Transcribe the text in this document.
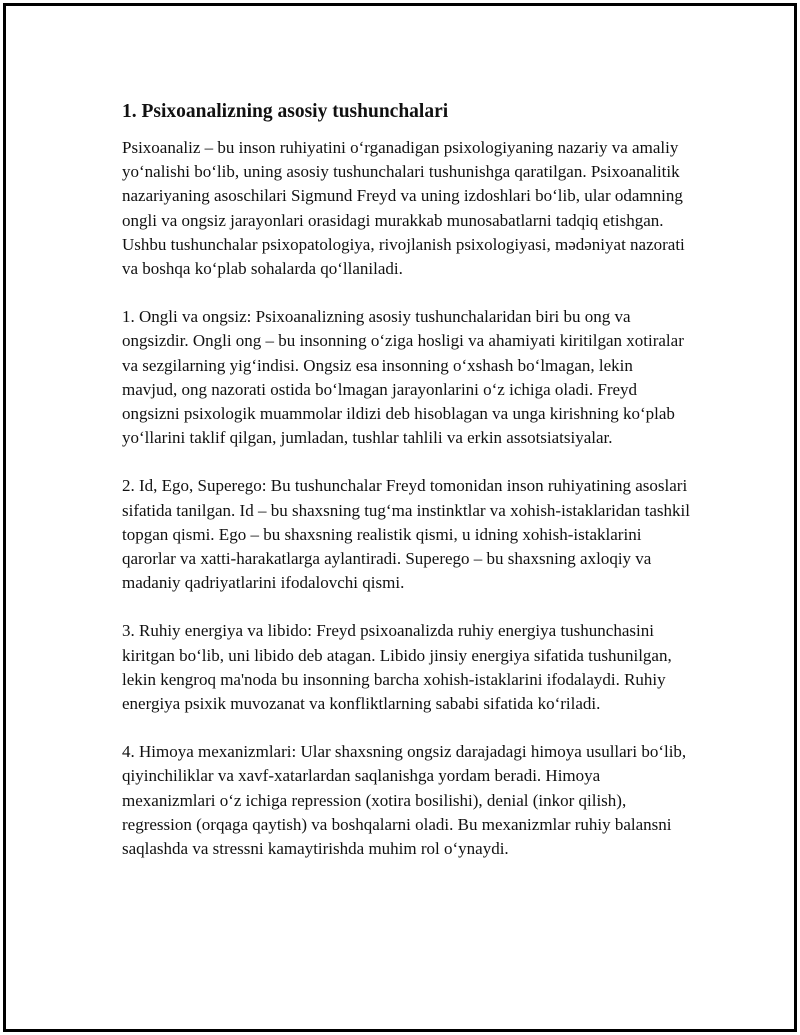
1. Psixoanalizning asosiy tushunchalari

Psixoanaliz – bu inson ruhiyatini oʻrganadigan psixologiyaning nazariy va amaliy yoʻnalishi boʻlib, uning asosiy tushunchalari tushunishga qaratilgan. Psixoanalitik nazariyaning asoschilari Sigmund Freyd va uning izdoshlari boʻlib, ular odamning ongli va ongsiz jarayonlari orasidagi murakkab munosabatlarni tadqiq etishgan. Ushbu tushunchalar psixopatologiya, rivojlanish psixologiyasi, mədəniyat nazorati va boshqa koʻplab sohalarda qoʻllaniladi.

1. Ongli va ongsiz: Psixoanalizning asosiy tushunchalaridan biri bu ong va ongsizdir. Ongli ong – bu insonning oʻziga hosligi va ahamiyati kiritilgan xotiralar va sezgilarning yigʻindisi. Ongsiz esa insonning oʻxshash boʻlmagan, lekin mavjud, ong nazorati ostida boʻlmagan jarayonlarini oʻz ichiga oladi. Freyd ongsizni psixologik muammolar ildizi deb hisoblagan va unga kirishning koʻplab yoʻllarini taklif qilgan, jumladan, tushlar tahlili va erkin assotsiatsiyalar.

2. Id, Ego, Superego: Bu tushunchalar Freyd tomonidan inson ruhiyatining asoslari sifatida tanilgan. Id – bu shaxsning tugʻma instinktlar va xohish-istaklaridan tashkil topgan qismi. Ego – bu shaxsning realistik qismi, u idning xohish-istaklarini qarorlar va xatti-harakatlarga aylantiradi. Superego – bu shaxsning axloqiy va madaniy qadriyatlarini ifodalovchi qismi.

3. Ruhiy energiya va libido: Freyd psixoanalizda ruhiy energiya tushunchasini kiritgan boʻlib, uni libido deb atagan. Libido jinsiy energiya sifatida tushunilgan, lekin kengroq ma'noda bu insonning barcha xohish-istaklarini ifodalaydi. Ruhiy energiya psixik muvozanat va konfliktlarning sababi sifatida koʻriladi.

4. Himoya mexanizmlari: Ular shaxsning ongsiz darajadagi himoya usullari boʻlib, qiyinchiliklar va xavf-xatarlardan saqlanishga yordam beradi. Himoya mexanizmlari oʻz ichiga repression (xotira bosilishi), denial (inkor qilish), regression (orqaga qaytish) va boshqalarni oladi. Bu mexanizmlar ruhiy balansni saqlashda va stressni kamaytirishda muhim rol oʻynaydi.
